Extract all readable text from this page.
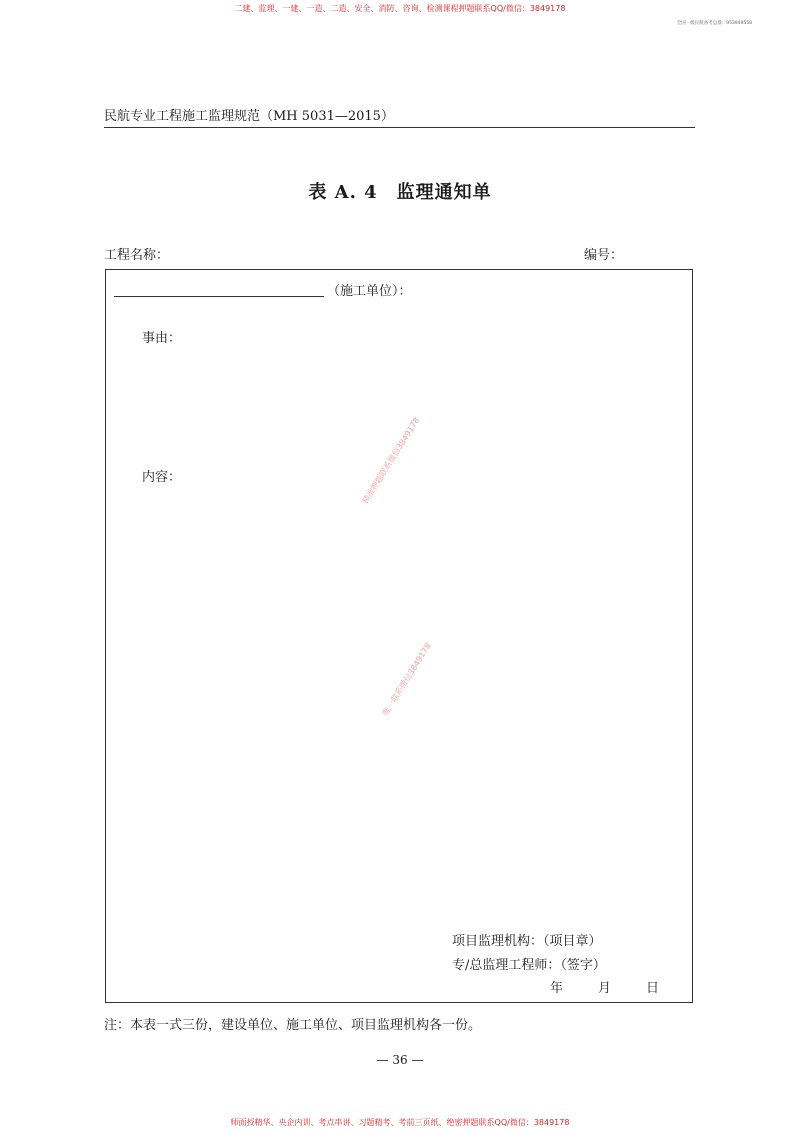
二建、监理、一建、一造、二造、安全、消防、咨询、检测课程押题联系QQ/微信：3849178
全国一级民航备考总群：953949558
民航专业工程施工监理规范（MH 5031—2015）
表 A. 4　监理通知单
工程名称：	编号：
（施工单位）：
事由：
内容：
项目监理机构：（项目章）
专/总监理工程师：（签字）
年	月	日
注：本表一式三份，建设单位、施工单位、项目监理机构各一份。
— 36 —
精准押题联系微信3849178
唯一联系微信3849178
师面授精华、央企内训、考点串讲、习题精考、考前三页纸、绝密押题联系QQ/微信：3849178
